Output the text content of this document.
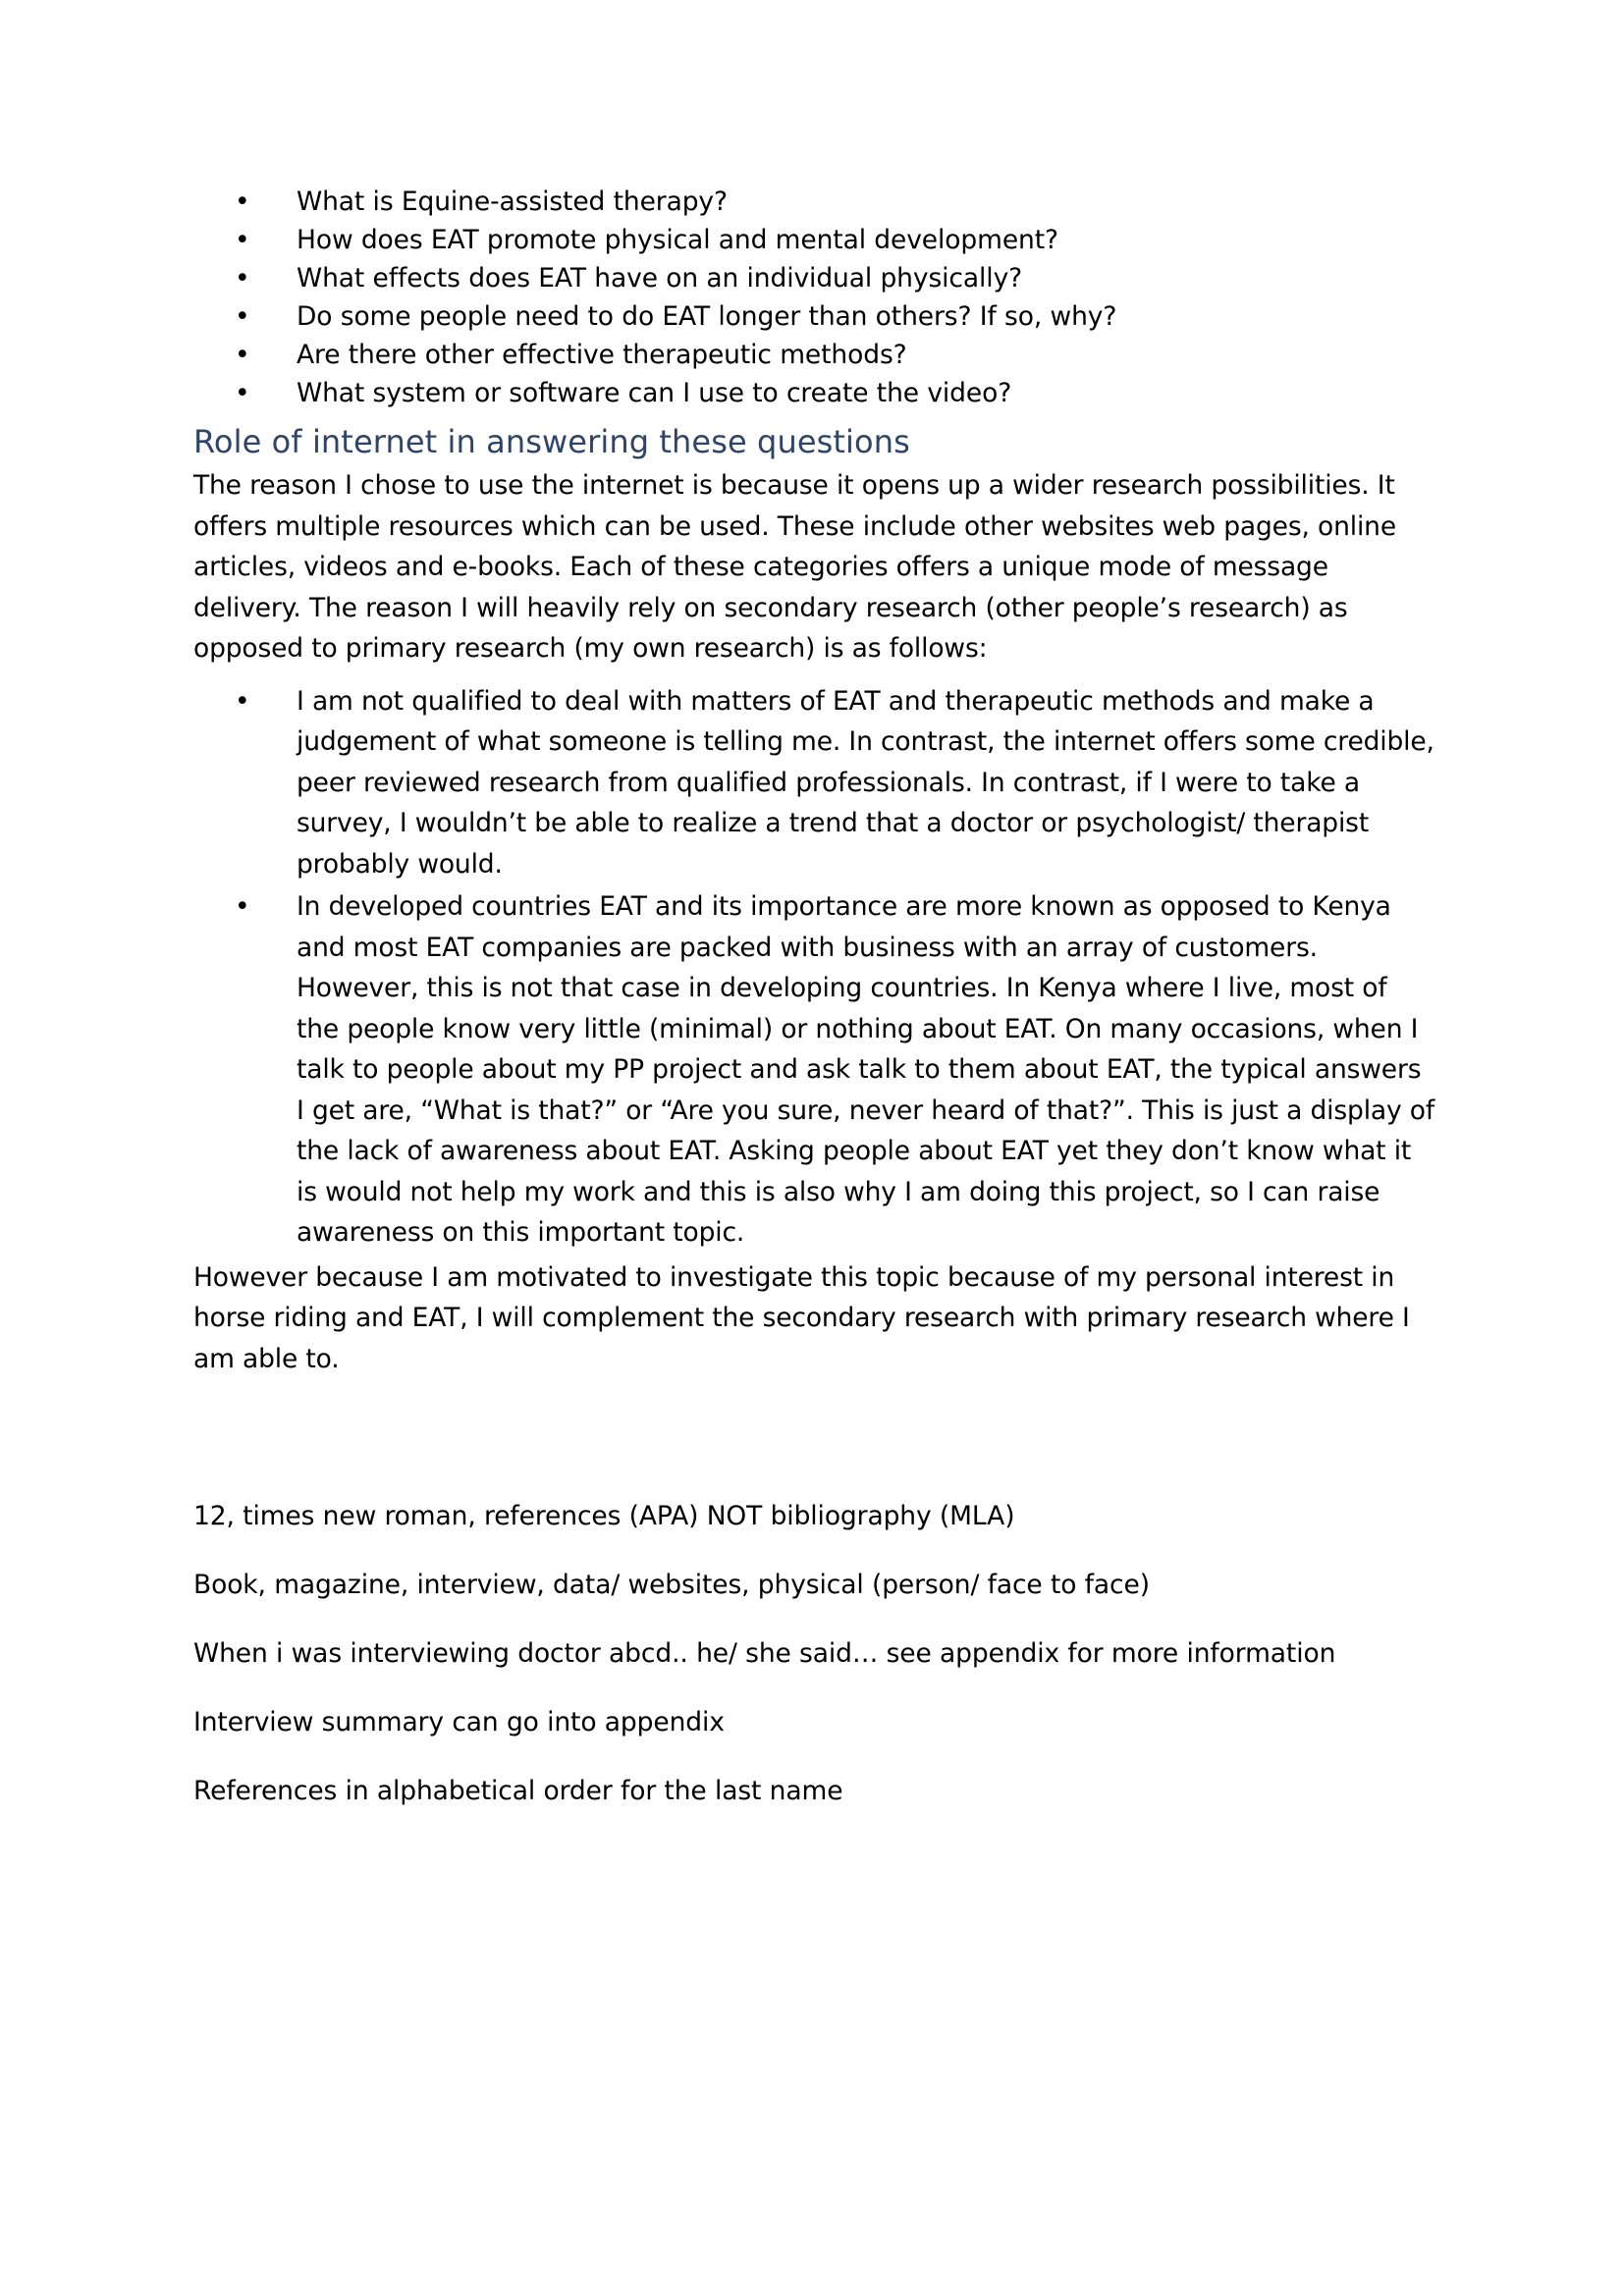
• What is Equine-assisted therapy?
• How does EAT promote physical and mental development?
• What effects does EAT have on an individual physically?
• Do some people need to do EAT longer than others? If so, why?
• Are there other effective therapeutic methods?
• What system or software can I use to create the video?
Role of internet in answering these questions

The reason I chose to use the internet is because it opens up a wider research possibilities. It offers multiple resources which can be used. These include other websites web pages, online articles, videos and e-books. Each of these categories offers a unique mode of message delivery. The reason I will heavily rely on secondary research (other people’s research) as opposed to primary research (my own research) is as follows:

• I am not qualified to deal with matters of EAT and therapeutic methods and make a judgement of what someone is telling me. In contrast, the internet offers some credible, peer reviewed research from qualified professionals. In contrast, if I were to take a survey, I wouldn’t be able to realize a trend that a doctor or psychologist/ therapist probably would.
• In developed countries EAT and its importance are more known as opposed to Kenya and most EAT companies are packed with business with an array of customers. However, this is not that case in developing countries. In Kenya where I live, most of the people know very little (minimal) or nothing about EAT. On many occasions, when I talk to people about my PP project and ask talk to them about EAT, the typical answers I get are, “What is that?” or “Are you sure, never heard of that?”. This is just a display of the lack of awareness about EAT. Asking people about EAT yet they don’t know what it is would not help my work and this is also why I am doing this project, so I can raise awareness on this important topic.

However because I am motivated to investigate this topic because of my personal interest in horse riding and EAT, I will complement the secondary research with primary research where I am able to.

12, times new roman, references (APA) NOT bibliography (MLA)

Book, magazine, interview, data/ websites, physical (person/ face to face)

When i was interviewing doctor abcd.. he/ she said… see appendix for more information

Interview summary can go into appendix

References in alphabetical order for the last name
